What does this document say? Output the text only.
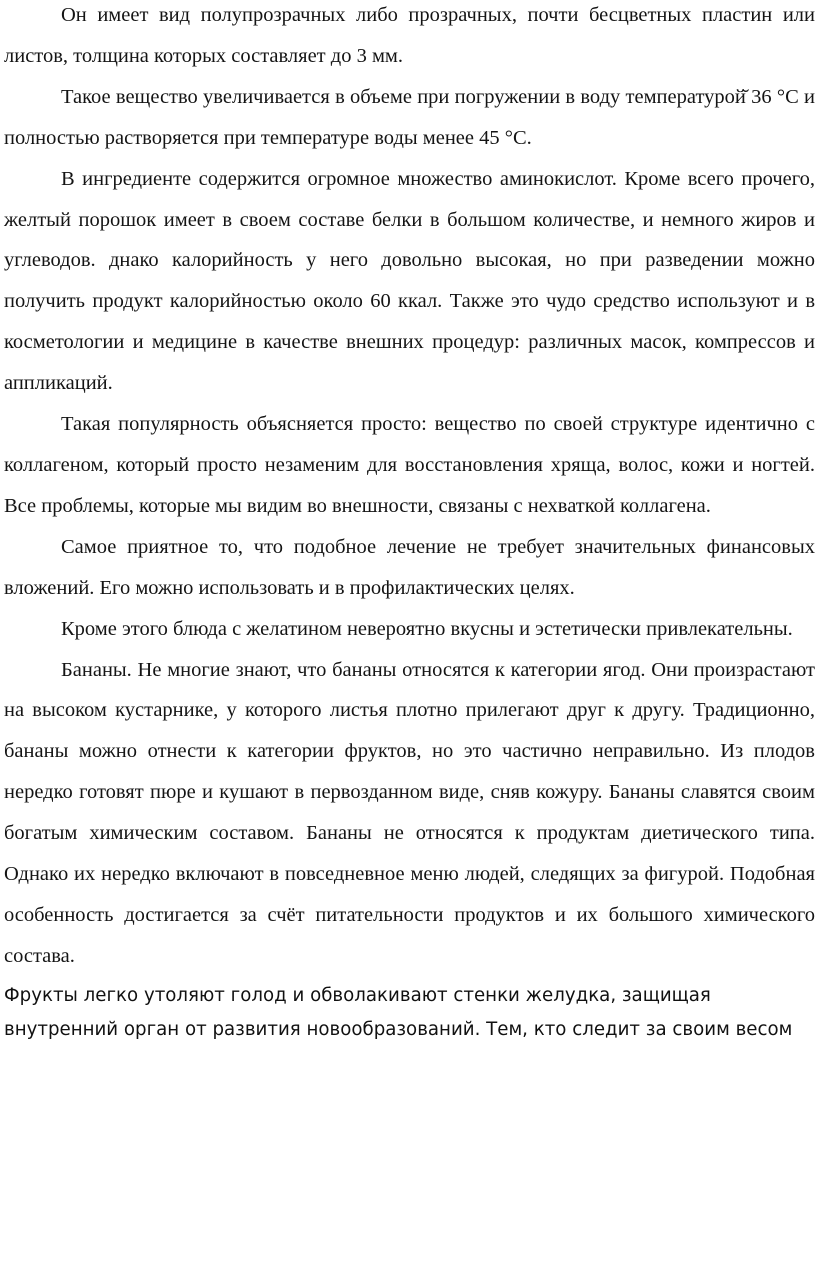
Он имеет вид полупрозрачных либо прозрачных, почти бесцветных пластин или листов, толщина которых составляет до 3 мм.

Такое вещество увеличивается в объеме при погружении в воду температурой̆ 36 °С и полностью растворяется при температуре воды менее 45 °С.

В ингредиенте содержится огромное множество аминокислот. Кроме всего прочего, желтый порошок имеет в своем составе белки в большом количестве, и немного жиров и углеводов. днако калорийность у него довольно высокая, но при разведении можно получить продукт калорийностью около 60 ккал. Также это чудо средство используют и в косметологии и медицине в качестве внешних процедур: различных масок, компрессов и аппликаций.

Такая популярность объясняется просто: вещество по своей структуре идентично с коллагеном, который просто незаменим для восстановления хряща, волос, кожи и ногтей. Все проблемы, которые мы видим во внешности, связаны с нехваткой коллагена.

Самое приятное то, что подобное лечение не требует значительных финансовых вложений. Его можно использовать и в профилактических целях.

Кроме этого блюда с желатином невероятно вкусны и эстетически привлекательны.

Бананы. Не многие знают, что бананы относятся к категории ягод. Они произрастают на высоком кустарнике, у которого листья плотно прилегают друг к другу. Традиционно, бананы можно отнести к категории фруктов, но это частично неправильно. Из плодов нередко готовят пюре и кушают в первозданном виде, сняв кожуру. Бананы славятся своим богатым химическим составом. Бананы не относятся к продуктам диетического типа. Однако их нередко включают в повседневное меню людей, следящих за фигурой. Подобная особенность достигается за счёт питательности продуктов и их большого химического состава.

Фрукты легко утоляют голод и обволакивают стенки желудка, защищая внутренний орган от развития новообразований. Тем, кто следит за своим весом
